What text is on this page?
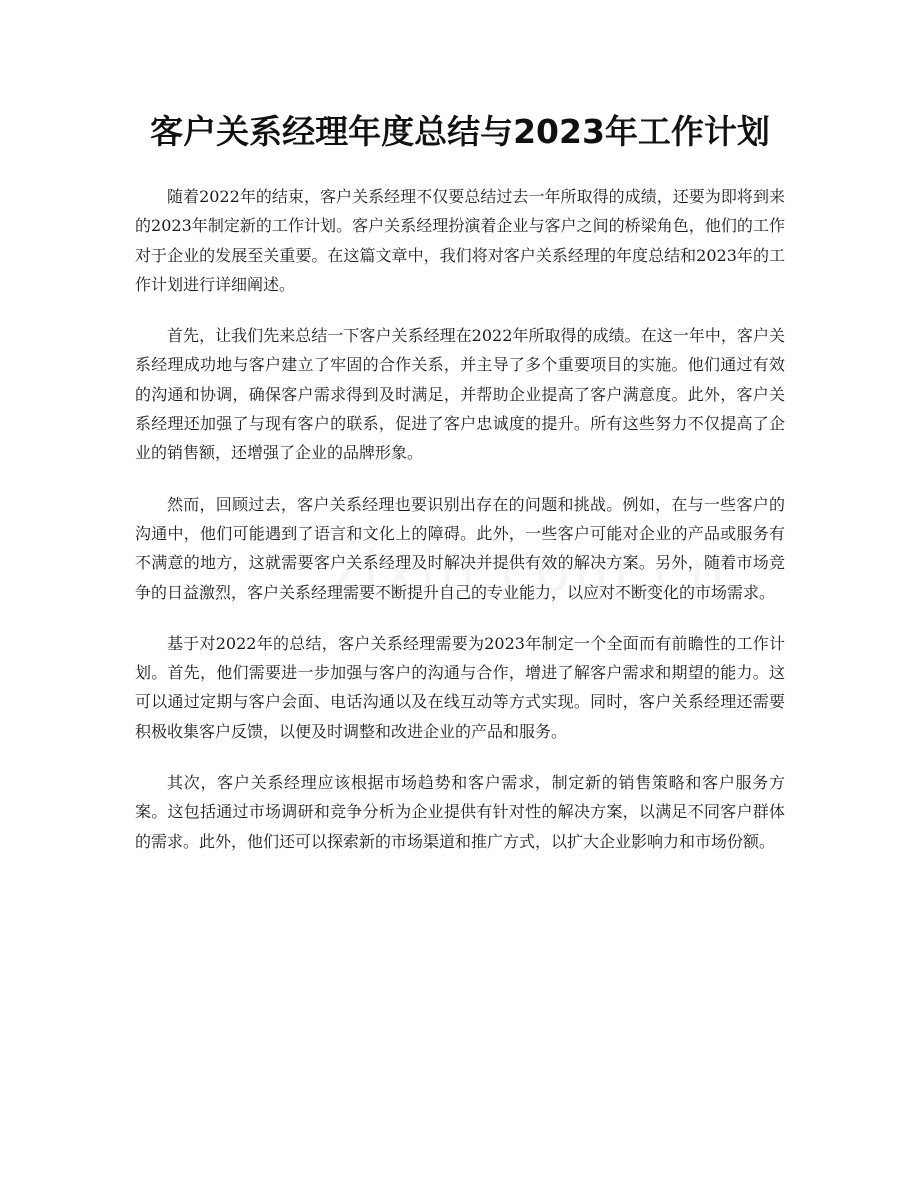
客户关系经理年度总结与2023年工作计划

随着2022年的结束，客户关系经理不仅要总结过去一年所取得的成绩，还要为即将到来的2023年制定新的工作计划。客户关系经理扮演着企业与客户之间的桥梁角色，他们的工作对于企业的发展至关重要。在这篇文章中，我们将对客户关系经理的年度总结和2023年的工作计划进行详细阐述。

首先，让我们先来总结一下客户关系经理在2022年所取得的成绩。在这一年中，客户关系经理成功地与客户建立了牢固的合作关系，并主导了多个重要项目的实施。他们通过有效的沟通和协调，确保客户需求得到及时满足，并帮助企业提高了客户满意度。此外，客户关系经理还加强了与现有客户的联系，促进了客户忠诚度的提升。所有这些努力不仅提高了企业的销售额，还增强了企业的品牌形象。

然而，回顾过去，客户关系经理也要识别出存在的问题和挑战。例如，在与一些客户的沟通中，他们可能遇到了语言和文化上的障碍。此外，一些客户可能对企业的产品或服务有不满意的地方，这就需要客户关系经理及时解决并提供有效的解决方案。另外，随着市场竞争的日益激烈，客户关系经理需要不断提升自己的专业能力，以应对不断变化的市场需求。

基于对2022年的总结，客户关系经理需要为2023年制定一个全面而有前瞻性的工作计划。首先，他们需要进一步加强与客户的沟通与合作，增进了解客户需求和期望的能力。这可以通过定期与客户会面、电话沟通以及在线互动等方式实现。同时，客户关系经理还需要积极收集客户反馈，以便及时调整和改进企业的产品和服务。

其次，客户关系经理应该根据市场趋势和客户需求，制定新的销售策略和客户服务方案。这包括通过市场调研和竞争分析为企业提供有针对性的解决方案，以满足不同客户群体的需求。此外，他们还可以探索新的市场渠道和推广方式，以扩大企业影响力和市场份额。
